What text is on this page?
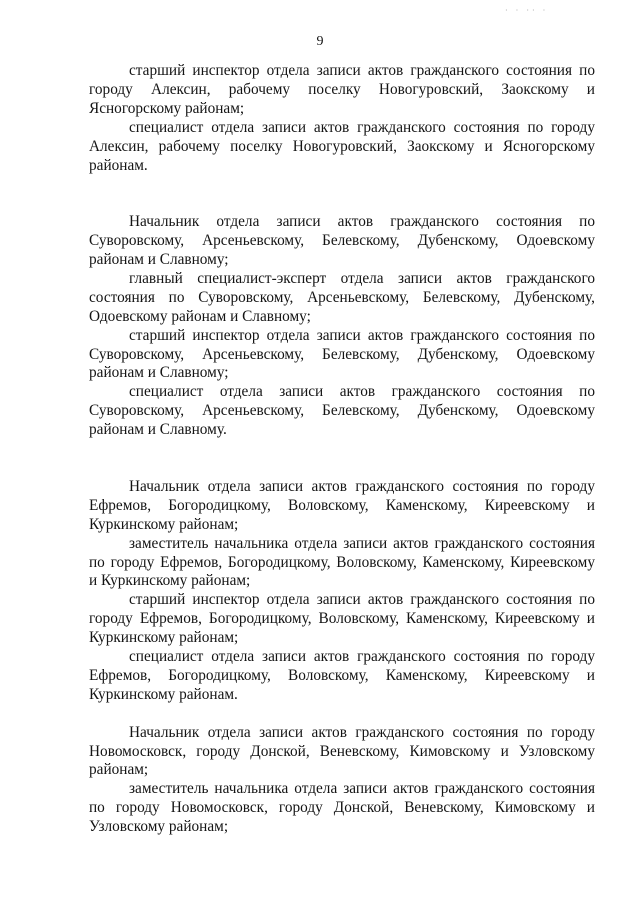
· · ·· ·
9

старший инспектор отдела записи актов гражданского состояния по городу Алексин, рабочему поселку Новогуровский, Заокскому и Ясногорскому районам;

специалист отдела записи актов гражданского состояния по городу Алексин, рабочему поселку Новогуровский, Заокскому и Ясногорскому районам.

Начальник отдела записи актов гражданского состояния по Суворовскому, Арсеньевскому, Белевскому, Дубенскому, Одоевскому районам и Славному;

главный специалист-эксперт отдела записи актов гражданского состояния по Суворовскому, Арсеньевскому, Белевскому, Дубенскому, Одоевскому районам и Славному;

старший инспектор отдела записи актов гражданского состояния по Суворовскому, Арсеньевскому, Белевскому, Дубенскому, Одоевскому районам и Славному;

специалист отдела записи актов гражданского состояния по Суворовскому, Арсеньевскому, Белевскому, Дубенскому, Одоевскому районам и Славному.

Начальник отдела записи актов гражданского состояния по городу Ефремов, Богородицкому, Воловскому, Каменскому, Киреевскому и Куркинскому районам;

заместитель начальника отдела записи актов гражданского состояния по городу Ефремов, Богородицкому, Воловскому, Каменскому, Киреевскому и Куркинскому районам;

старший инспектор отдела записи актов гражданского состояния по городу Ефремов, Богородицкому, Воловскому, Каменскому, Киреевскому и Куркинскому районам;

специалист отдела записи актов гражданского состояния по городу Ефремов, Богородицкому, Воловскому, Каменскому, Киреевскому и Куркинскому районам.

Начальник отдела записи актов гражданского состояния по городу Новомосковск, городу Донской, Веневскому, Кимовскому и Узловскому районам;

заместитель начальника отдела записи актов гражданского состояния по городу Новомосковск, городу Донской, Веневскому, Кимовскому и Узловскому районам;
